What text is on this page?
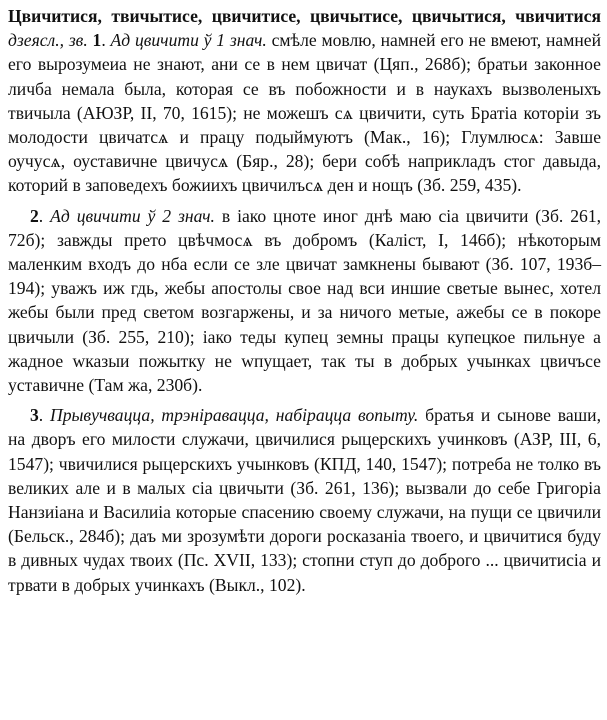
Цвичитися, твичытисе, цвичитисе, цвичытисе, цвичытися, чвичитися дзеясл., зв. 1. Ад цвичити ў 1 знач. смѣле мовлю, намней его не вмеют, намней его вырозумеиа не знают, ани се в нем цвичат (Цяп., 268б); братьи законное личба немала была, которая се въ побожности и в наукахъ вызволеныхъ твичыла (АЮЗР, II, 70, 1615); не можешъ сѧ цвичити, суть Братіа которіи зъ молодости цвичатсѧ и працу подыймуютъ (Мак., 16); Глумлюсѧ: Завше оучусѧ, оуставичне цвичусѧ (Бяр., 28); бери собѣ наприкладъ стог давыда, которий в заповедехъ божиихъ цвичилъсѧ ден и нощъ (Зб. 259, 435).

2. Ад цвичити ў 2 знач. в іако цноте иног днѣ маю сіа цвичити (Зб. 261, 72б); завжды прето цвѣчмосѧ въ добромъ (Каліст, I, 146б); нѣкоторым маленким входъ до нба если се зле цвичат замкнены бывают (Зб. 107, 193б–194); уважъ иж гдь, жебы апостолы свое над вси иншие светые вынес, хотел жебы были пред светом возгаржены, и за ничого метые, ажебы се в покоре цвичыли (Зб. 255, 210); іако теды купец земны працы купецкое пильнуе а жадное wказыи пожытку не wпущает, так ты в добрых учынках цвичъсе уставичне (Там жа, 230б).

3. Прывучвацца, трэніравацца, набірацца вопыту. братья и сынове ваши, на дворъ его милости служачи, цвичилися рыцерскихъ учинковъ (АЗР, III, 6, 1547); чвичилися рыцерскихъ учынковъ (КПД, 140, 1547); потреба не толко въ великих але и в малых сіа цвичыти (Зб. 261, 136); вызвали до себе Григоріа Нанзиіана и Василиіа которые спасению своему служачи, на пущи се цвичили (Бельск., 284б); даъ ми зрозумѣти дороги росказаніа твоего, и цвичитися буду в дивных чудах твоих (Пс. XVII, 133); стопни ступ до доброго ... цвичитисіа и трвати в добрых учинкахъ (Выкл., 102).
